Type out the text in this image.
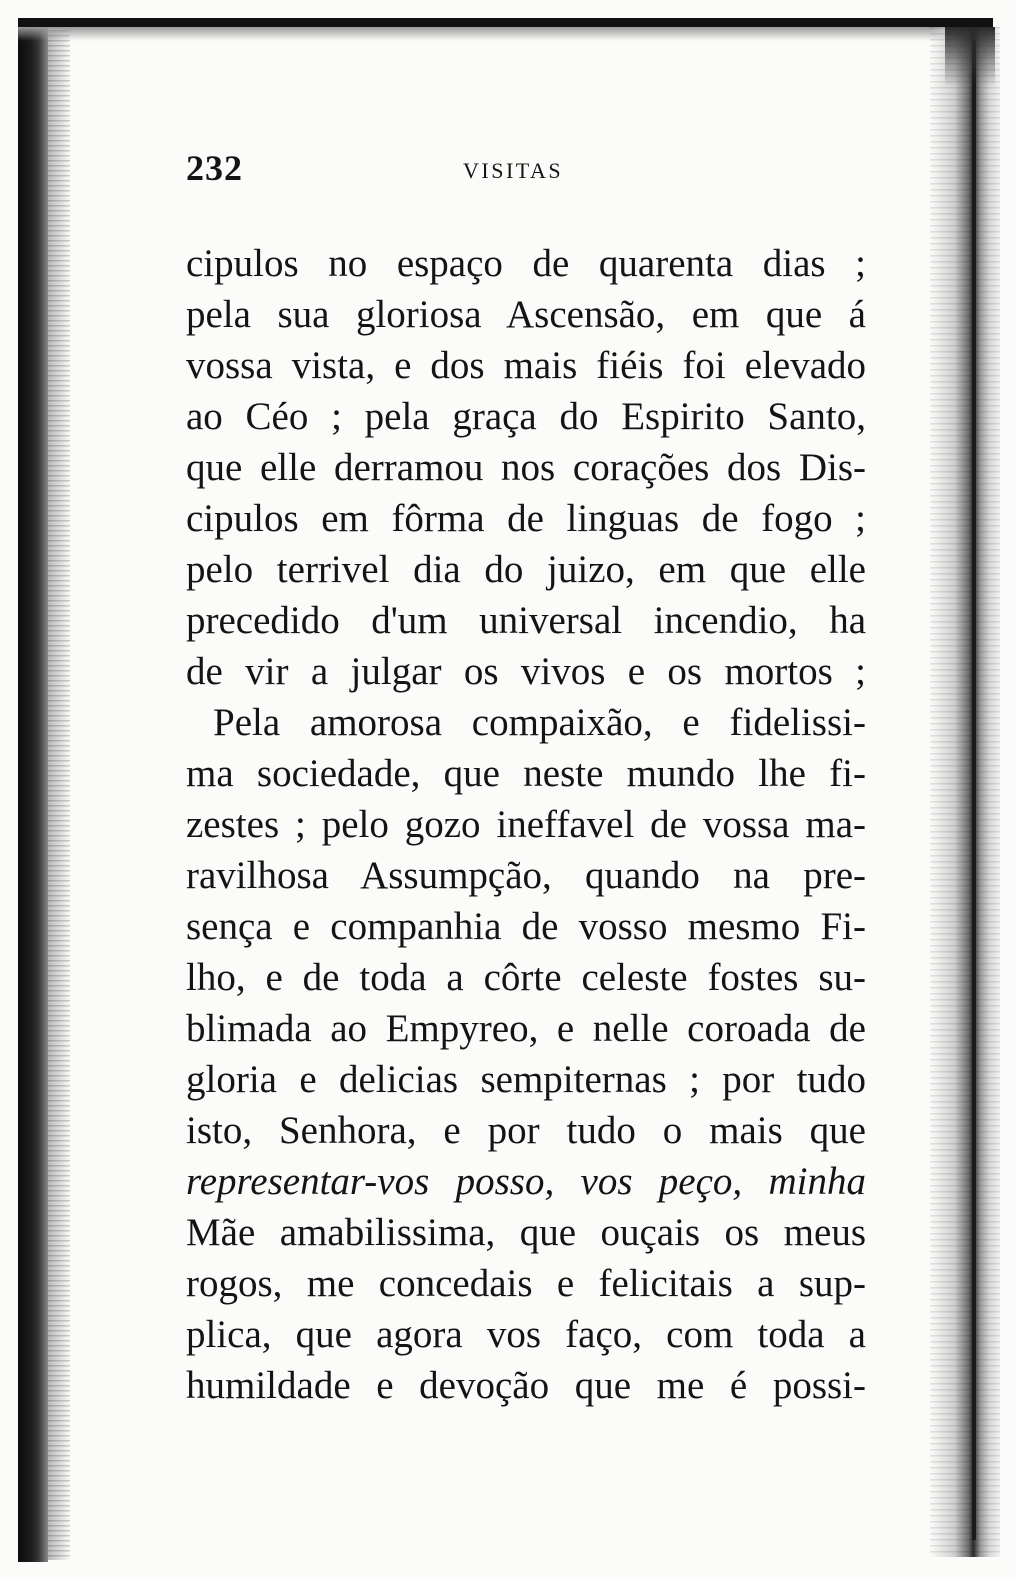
232	VISITAS
cipulos no espaço de quarenta dias ;
pela sua gloriosa Ascensão, em que á
vossa vista, e dos mais fiéis foi elevado
ao Céo ; pela graça do Espirito Santo,
que elle derramou nos corações dos Dis-
cipulos em fôrma de linguas de fogo ;
pelo terrivel dia do juizo, em que elle
precedido d'um universal incendio, ha
de vir a julgar os vivos e os mortos ;
Pela amorosa compaixão, e fidelissi-
ma sociedade, que neste mundo lhe fi-
zestes ; pelo gozo ineffavel de vossa ma-
ravilhosa Assumpção, quando na pre-
sença e companhia de vosso mesmo Fi-
lho, e de toda a côrte celeste fostes su-
blimada ao Empyreo, e nelle coroada de
gloria e delicias sempiternas ; por tudo
isto, Senhora, e por tudo o mais que
representar-vos posso, vos peço, minha
Mãe amabilissima, que ouçais os meus
rogos, me concedais e felicitais a sup-
plica, que agora vos faço, com toda a
humildade e devoção que me é possi-
